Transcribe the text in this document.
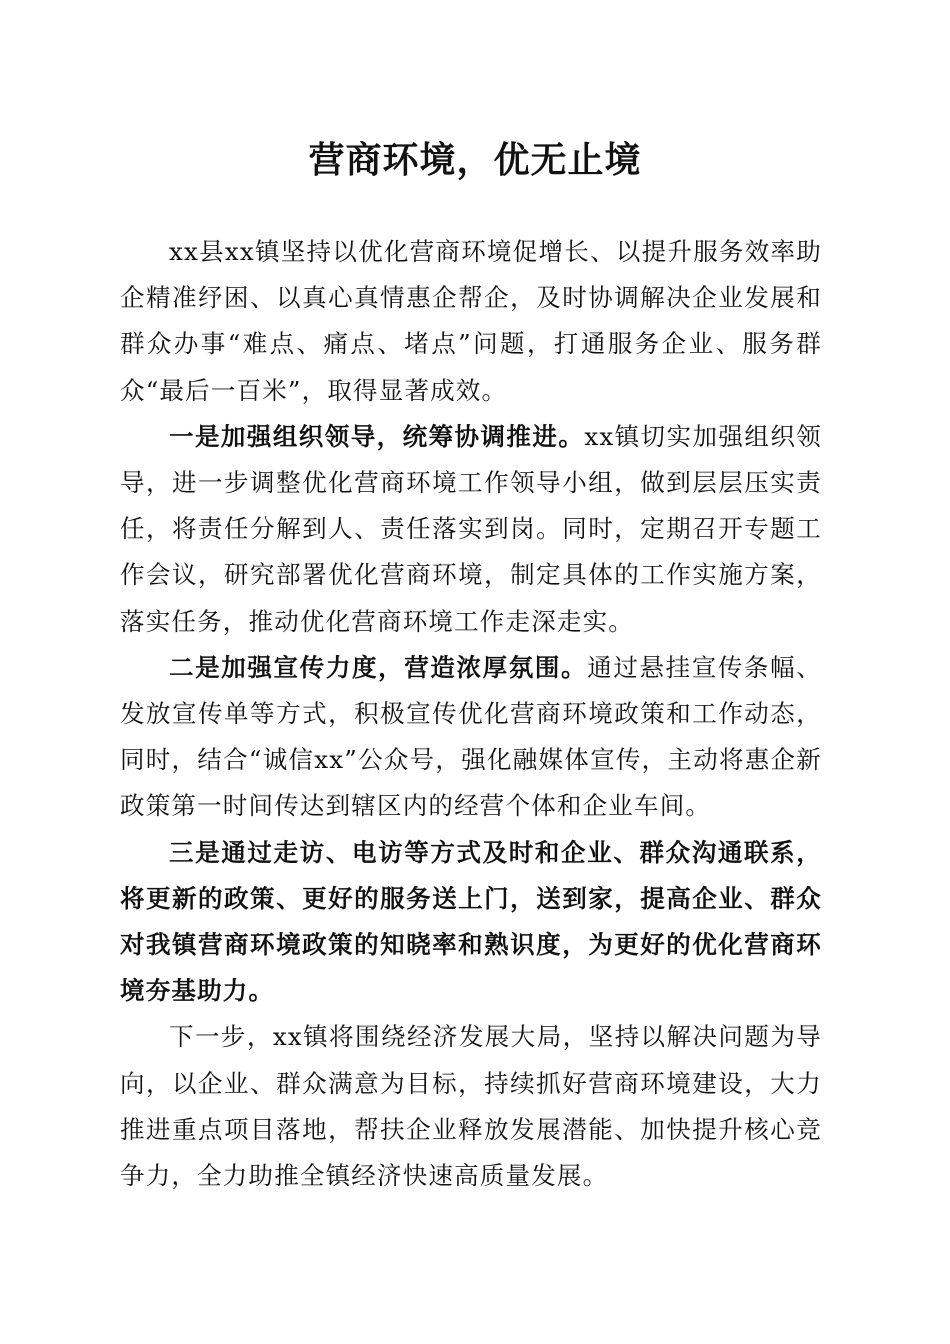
营商环境，优无止境

xx县xx镇坚持以优化营商环境促增长、以提升服务效率助企精准纾困、以真心真情惠企帮企，及时协调解决企业发展和群众办事“难点、痛点、堵点”问题，打通服务企业、服务群众“最后一百米”，取得显著成效。

一是加强组织领导，统筹协调推进。xx镇切实加强组织领导，进一步调整优化营商环境工作领导小组，做到层层压实责任，将责任分解到人、责任落实到岗。同时，定期召开专题工作会议，研究部署优化营商环境，制定具体的工作实施方案，落实任务，推动优化营商环境工作走深走实。

二是加强宣传力度，营造浓厚氛围。通过悬挂宣传条幅、发放宣传单等方式，积极宣传优化营商环境政策和工作动态，同时，结合“诚信xx”公众号，强化融媒体宣传，主动将惠企新政策第一时间传达到辖区内的经营个体和企业车间。

三是通过走访、电访等方式及时和企业、群众沟通联系，将更新的政策、更好的服务送上门，送到家，提高企业、群众对我镇营商环境政策的知晓率和熟识度，为更好的优化营商环境夯基助力。

下一步，xx镇将围绕经济发展大局，坚持以解决问题为导向，以企业、群众满意为目标，持续抓好营商环境建设，大力推进重点项目落地，帮扶企业释放发展潜能、加快提升核心竞争力，全力助推全镇经济快速高质量发展。
